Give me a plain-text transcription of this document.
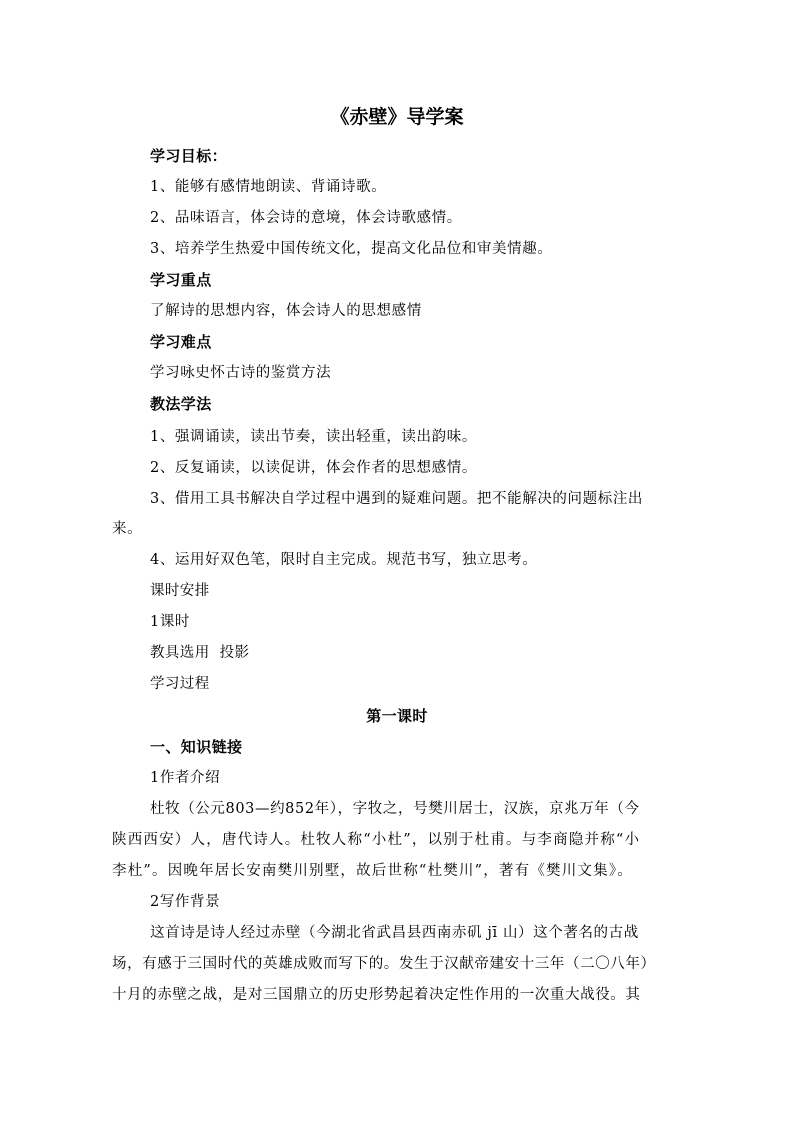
《赤壁》导学案
学习目标：
1、能够有感情地朗读、背诵诗歌。
2、品味语言，体会诗的意境，体会诗歌感情。
3、培养学生热爱中国传统文化，提高文化品位和审美情趣。
学习重点
了解诗的思想内容，体会诗人的思想感情
学习难点
学习咏史怀古诗的鉴赏方法
教法学法
1、强调诵读，读出节奏，读出轻重，读出韵味。
2、反复诵读，以读促讲，体会作者的思想感情。
3、借用工具书解决自学过程中遇到的疑难问题。把不能解决的问题标注出
来。
4、运用好双色笔，限时自主完成。规范书写，独立思考。
课时安排
1课时
教具选用  投影
学习过程
第一课时
一、知识链接
1作者介绍
杜牧（公元803—约852年），字牧之，号樊川居士，汉族，京兆万年（今
陕西西安）人，唐代诗人。杜牧人称“小杜”，以别于杜甫。与李商隐并称“小
李杜”。因晚年居长安南樊川别墅，故后世称“杜樊川”，著有《樊川文集》。
2写作背景
这首诗是诗人经过赤壁（今湖北省武昌县西南赤矶 jī 山）这个著名的古战
场，有感于三国时代的英雄成败而写下的。发生于汉献帝建安十三年（二〇八年）
十月的赤壁之战，是对三国鼎立的历史形势起着决定性作用的一次重大战役。其
